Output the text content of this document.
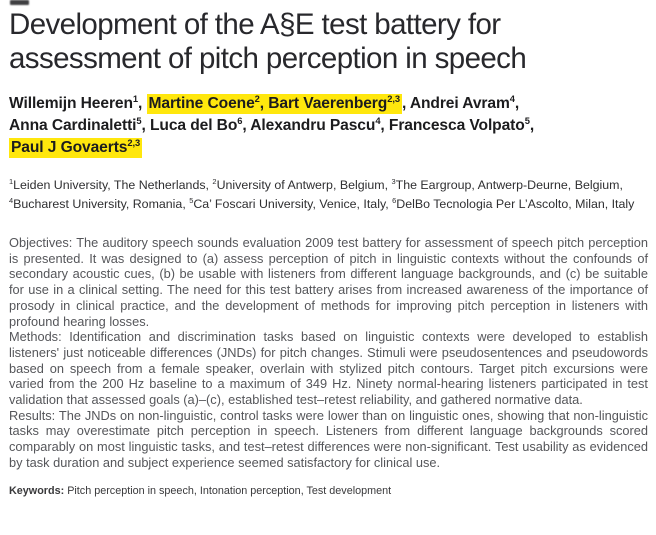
Development of the A§E test battery for assessment of pitch perception in speech

Willemijn Heeren$^1$, Martine Coene$^2$, Bart Vaerenberg$^{2,3}$ , Andrei Avram$^4$,
Anna Cardinaletti$^5$, Luca del Bo$^6$, Alexandru Pascu$^4$, Francesca Volpato$^5$,
Paul J Govaerts$^{2,3}$

$^1$Leiden University, The Netherlands, $^2$University of Antwerp, Belgium, $^3$The Eargroup, Antwerp-Deurne, Belgium, $^4$Bucharest University, Romania, $^5$Ca’ Foscari University, Venice, Italy, $^6$DelBo Tecnologia Per L’Ascolto, Milan, Italy

Objectives: The auditory speech sounds evaluation 2009 test battery for assessment of speech pitch perception is presented. It was designed to (a) assess perception of pitch in linguistic contexts without the confounds of secondary acoustic cues, (b) be usable with listeners from different language backgrounds, and (c) be suitable for use in a clinical setting. The need for this test battery arises from increased awareness of the importance of prosody in clinical practice, and the development of methods for improving pitch perception in listeners with profound hearing losses.

Methods: Identification and discrimination tasks based on linguistic contexts were developed to establish listeners' just noticeable differences (JNDs) for pitch changes. Stimuli were pseudosentences and pseudowords based on speech from a female speaker, overlain with stylized pitch contours. Target pitch excursions were varied from the 200 Hz baseline to a maximum of 349 Hz. Ninety normal-hearing listeners participated in test validation that assessed goals (a)–(c), established test–retest reliability, and gathered normative data.

Results: The JNDs on non-linguistic, control tasks were lower than on linguistic ones, showing that non-linguistic tasks may overestimate pitch perception in speech. Listeners from different language backgrounds scored comparably on most linguistic tasks, and test–retest differences were non-significant. Test usability as evidenced by task duration and subject experience seemed satisfactory for clinical use.

Keywords: Pitch perception in speech, Intonation perception, Test development
